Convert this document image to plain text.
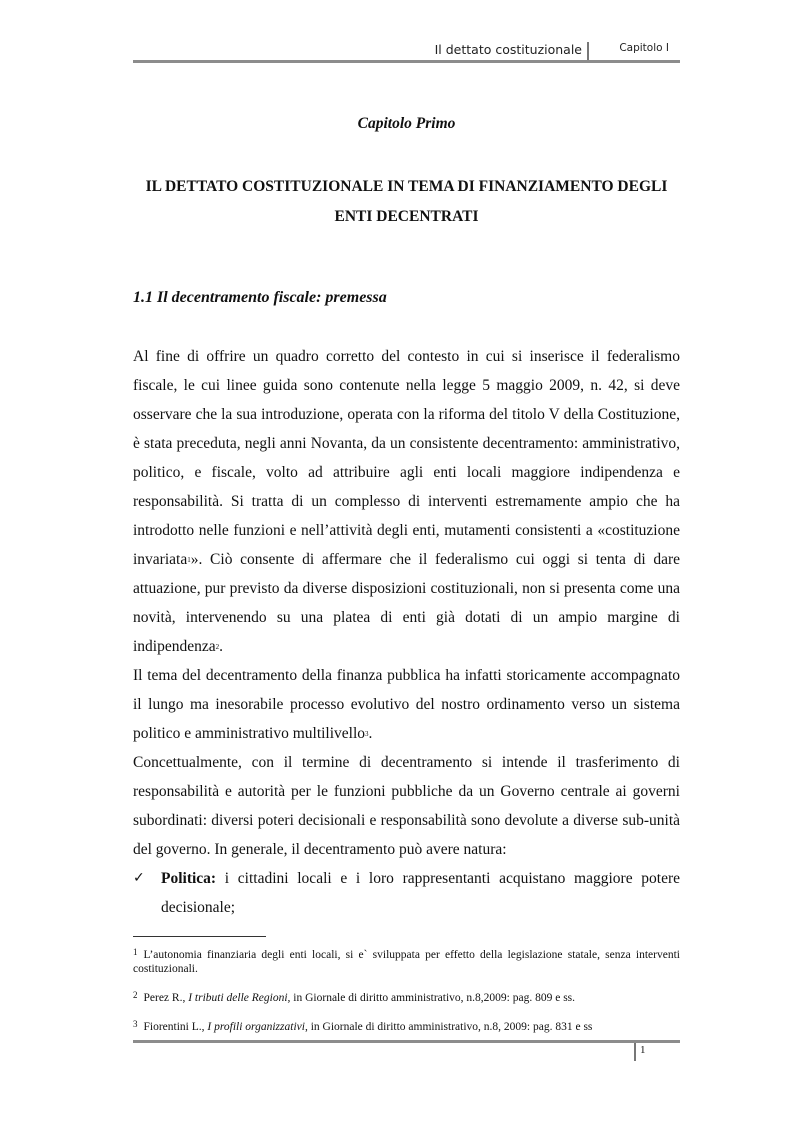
Il dettato costituzionale	Capitolo I
Capitolo Primo
IL DETTATO COSTITUZIONALE IN TEMA DI FINANZIAMENTO DEGLI
ENTI DECENTRATI
1.1 Il decentramento fiscale: premessa

Al fine di offrire un quadro corretto del contesto in cui si inserisce il federalismo fiscale, le cui linee guida sono contenute nella legge 5 maggio 2009, n. 42, si deve osservare che la sua introduzione, operata con la riforma del titolo V della Costituzione, è stata preceduta, negli anni Novanta, da un consistente decentramento: amministrativo, politico, e fiscale, volto ad attribuire agli enti locali maggiore indipendenza e responsabilità. Si tratta di un complesso di interventi estremamente ampio che ha introdotto nelle funzioni e nell’attività degli enti, mutamenti consistenti a «costituzione invariata$^1$». Ciò consente di affermare che il federalismo cui oggi si tenta di dare attuazione, pur previsto da diverse disposizioni costituzionali, non si presenta come una novità, intervenendo su una platea di enti già dotati di un ampio margine di indipendenza$^2$.

Il tema del decentramento della finanza pubblica ha infatti storicamente accompagnato il lungo ma inesorabile processo evolutivo del nostro ordinamento verso un sistema politico e amministrativo multilivello$^3$.

Concettualmente, con il termine di decentramento si intende il trasferimento di responsabilità e autorità per le funzioni pubbliche da un Governo centrale ai governi subordinati: diversi poteri decisionali e responsabilità sono devolute a diverse sub-unità del governo. In generale, il decentramento può avere natura:

✓ Politica: i cittadini locali e i loro rappresentanti acquistano maggiore potere decisionale;

$^1$ L’autonomia finanziaria degli enti locali, si e` sviluppata per effetto della legislazione statale, senza interventi costituzionali.

$^2$ Perez R., I tributi delle Regioni, in Giornale di diritto amministrativo, n.8,2009: pag. 809 e ss.

$^3$ Fiorentini L., I profili organizzativi, in Giornale di diritto amministrativo, n.8, 2009: pag. 831 e ss

1
